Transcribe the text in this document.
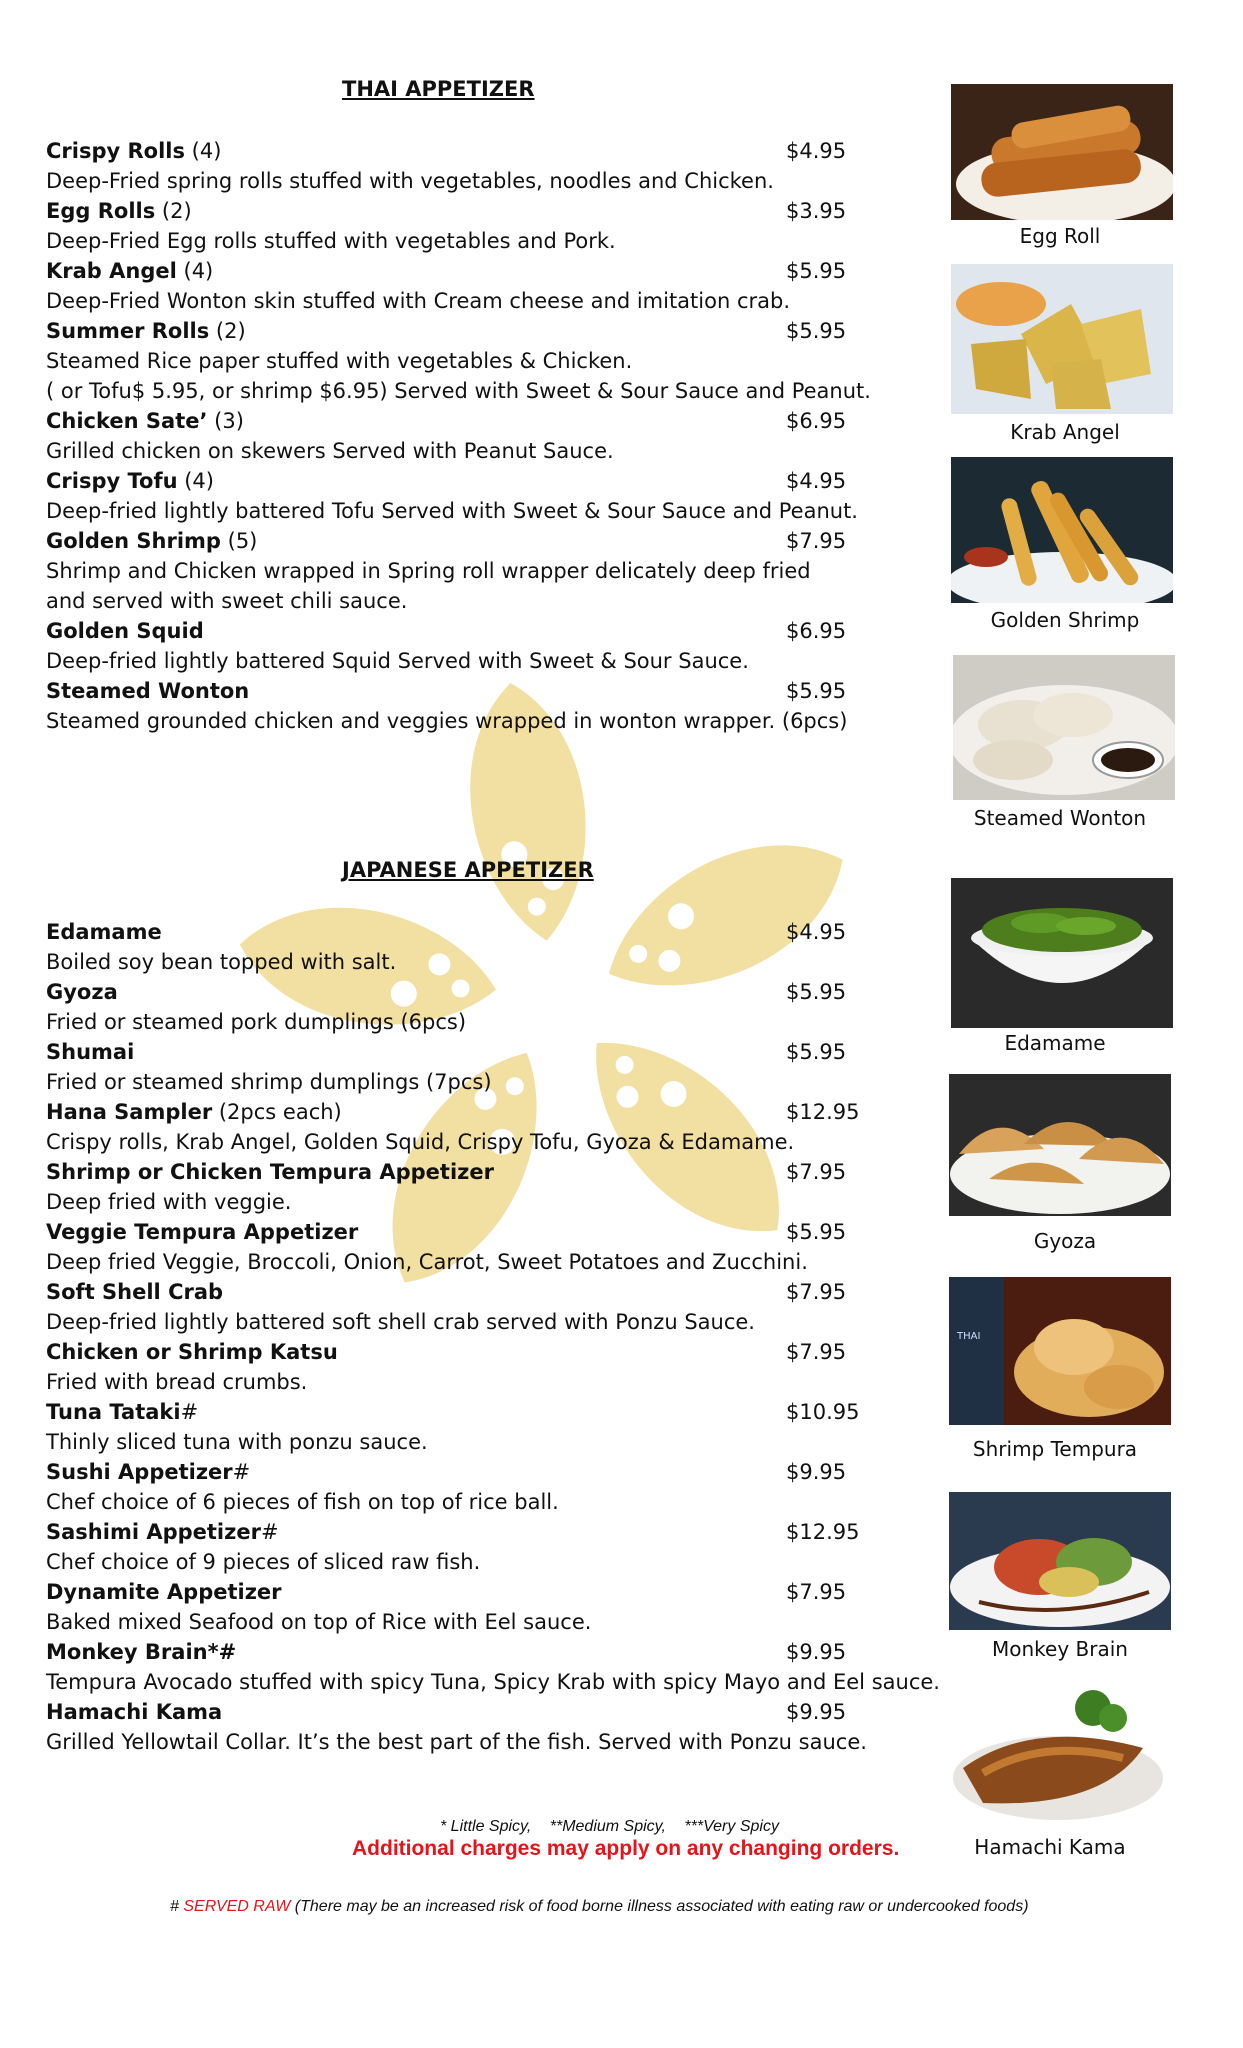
THAI APPETIZER
Crispy Rolls (4)	$4.95
Deep-Fried spring rolls stuffed with vegetables, noodles and Chicken.
Egg Rolls (2)	$3.95
Deep-Fried Egg rolls stuffed with vegetables and Pork.
Krab Angel (4)	$5.95
Deep-Fried Wonton skin stuffed with Cream cheese and imitation crab.
Summer Rolls (2)	$5.95
Steamed Rice paper stuffed with vegetables & Chicken.
( or Tofu$ 5.95, or shrimp $6.95) Served with Sweet & Sour Sauce and Peanut.
Chicken Sate’ (3)	$6.95
Grilled chicken on skewers Served with Peanut Sauce.
Crispy Tofu (4)	$4.95
Deep-fried lightly battered Tofu Served with Sweet & Sour Sauce and Peanut.
Golden Shrimp (5)	$7.95
Shrimp and Chicken wrapped in Spring roll wrapper delicately deep fried
and served with sweet chili sauce.
Golden Squid	$6.95
Deep-fried lightly battered Squid Served with Sweet & Sour Sauce.
Steamed Wonton	$5.95
Steamed grounded chicken and veggies wrapped in wonton wrapper. (6pcs)
JAPANESE APPETIZER
Edamame	$4.95
Boiled soy bean topped with salt.
Gyoza	$5.95
Fried or steamed pork dumplings (6pcs)
Shumai	$5.95
Fried or steamed shrimp dumplings (7pcs)
Hana Sampler (2pcs each)	$12.95
Crispy rolls, Krab Angel, Golden Squid, Crispy Tofu, Gyoza & Edamame.
Shrimp or Chicken Tempura Appetizer	$7.95
Deep fried with veggie.
Veggie Tempura Appetizer	$5.95
Deep fried Veggie, Broccoli, Onion, Carrot, Sweet Potatoes and Zucchini.
Soft Shell Crab	$7.95
Deep-fried lightly battered soft shell crab served with Ponzu Sauce.
Chicken or Shrimp Katsu	$7.95
Fried with bread crumbs.
Tuna Tataki#	$10.95
Thinly sliced tuna with ponzu sauce.
Sushi Appetizer#	$9.95
Chef choice of 6 pieces of fish on top of rice ball.
Sashimi Appetizer#	$12.95
Chef choice of 9 pieces of sliced raw fish.
Dynamite Appetizer	$7.95
Baked mixed Seafood on top of Rice with Eel sauce.
Monkey Brain*#	$9.95
Tempura Avocado stuffed with spicy Tuna, Spicy Krab with spicy Mayo and Eel sauce.
Hamachi Kama	$9.95
Grilled Yellowtail Collar. It’s the best part of the fish. Served with Ponzu sauce.
Egg Roll
Krab Angel
Golden Shrimp
Steamed Wonton
Edamame
Gyoza
THAI
Shrimp Tempura
Monkey Brain
Hamachi Kama
* Little Spicy, **Medium Spicy, ***Very Spicy
Additional charges may apply on any changing orders.
# SERVED RAW (There may be an increased risk of food borne illness associated with eating raw or undercooked foods)
